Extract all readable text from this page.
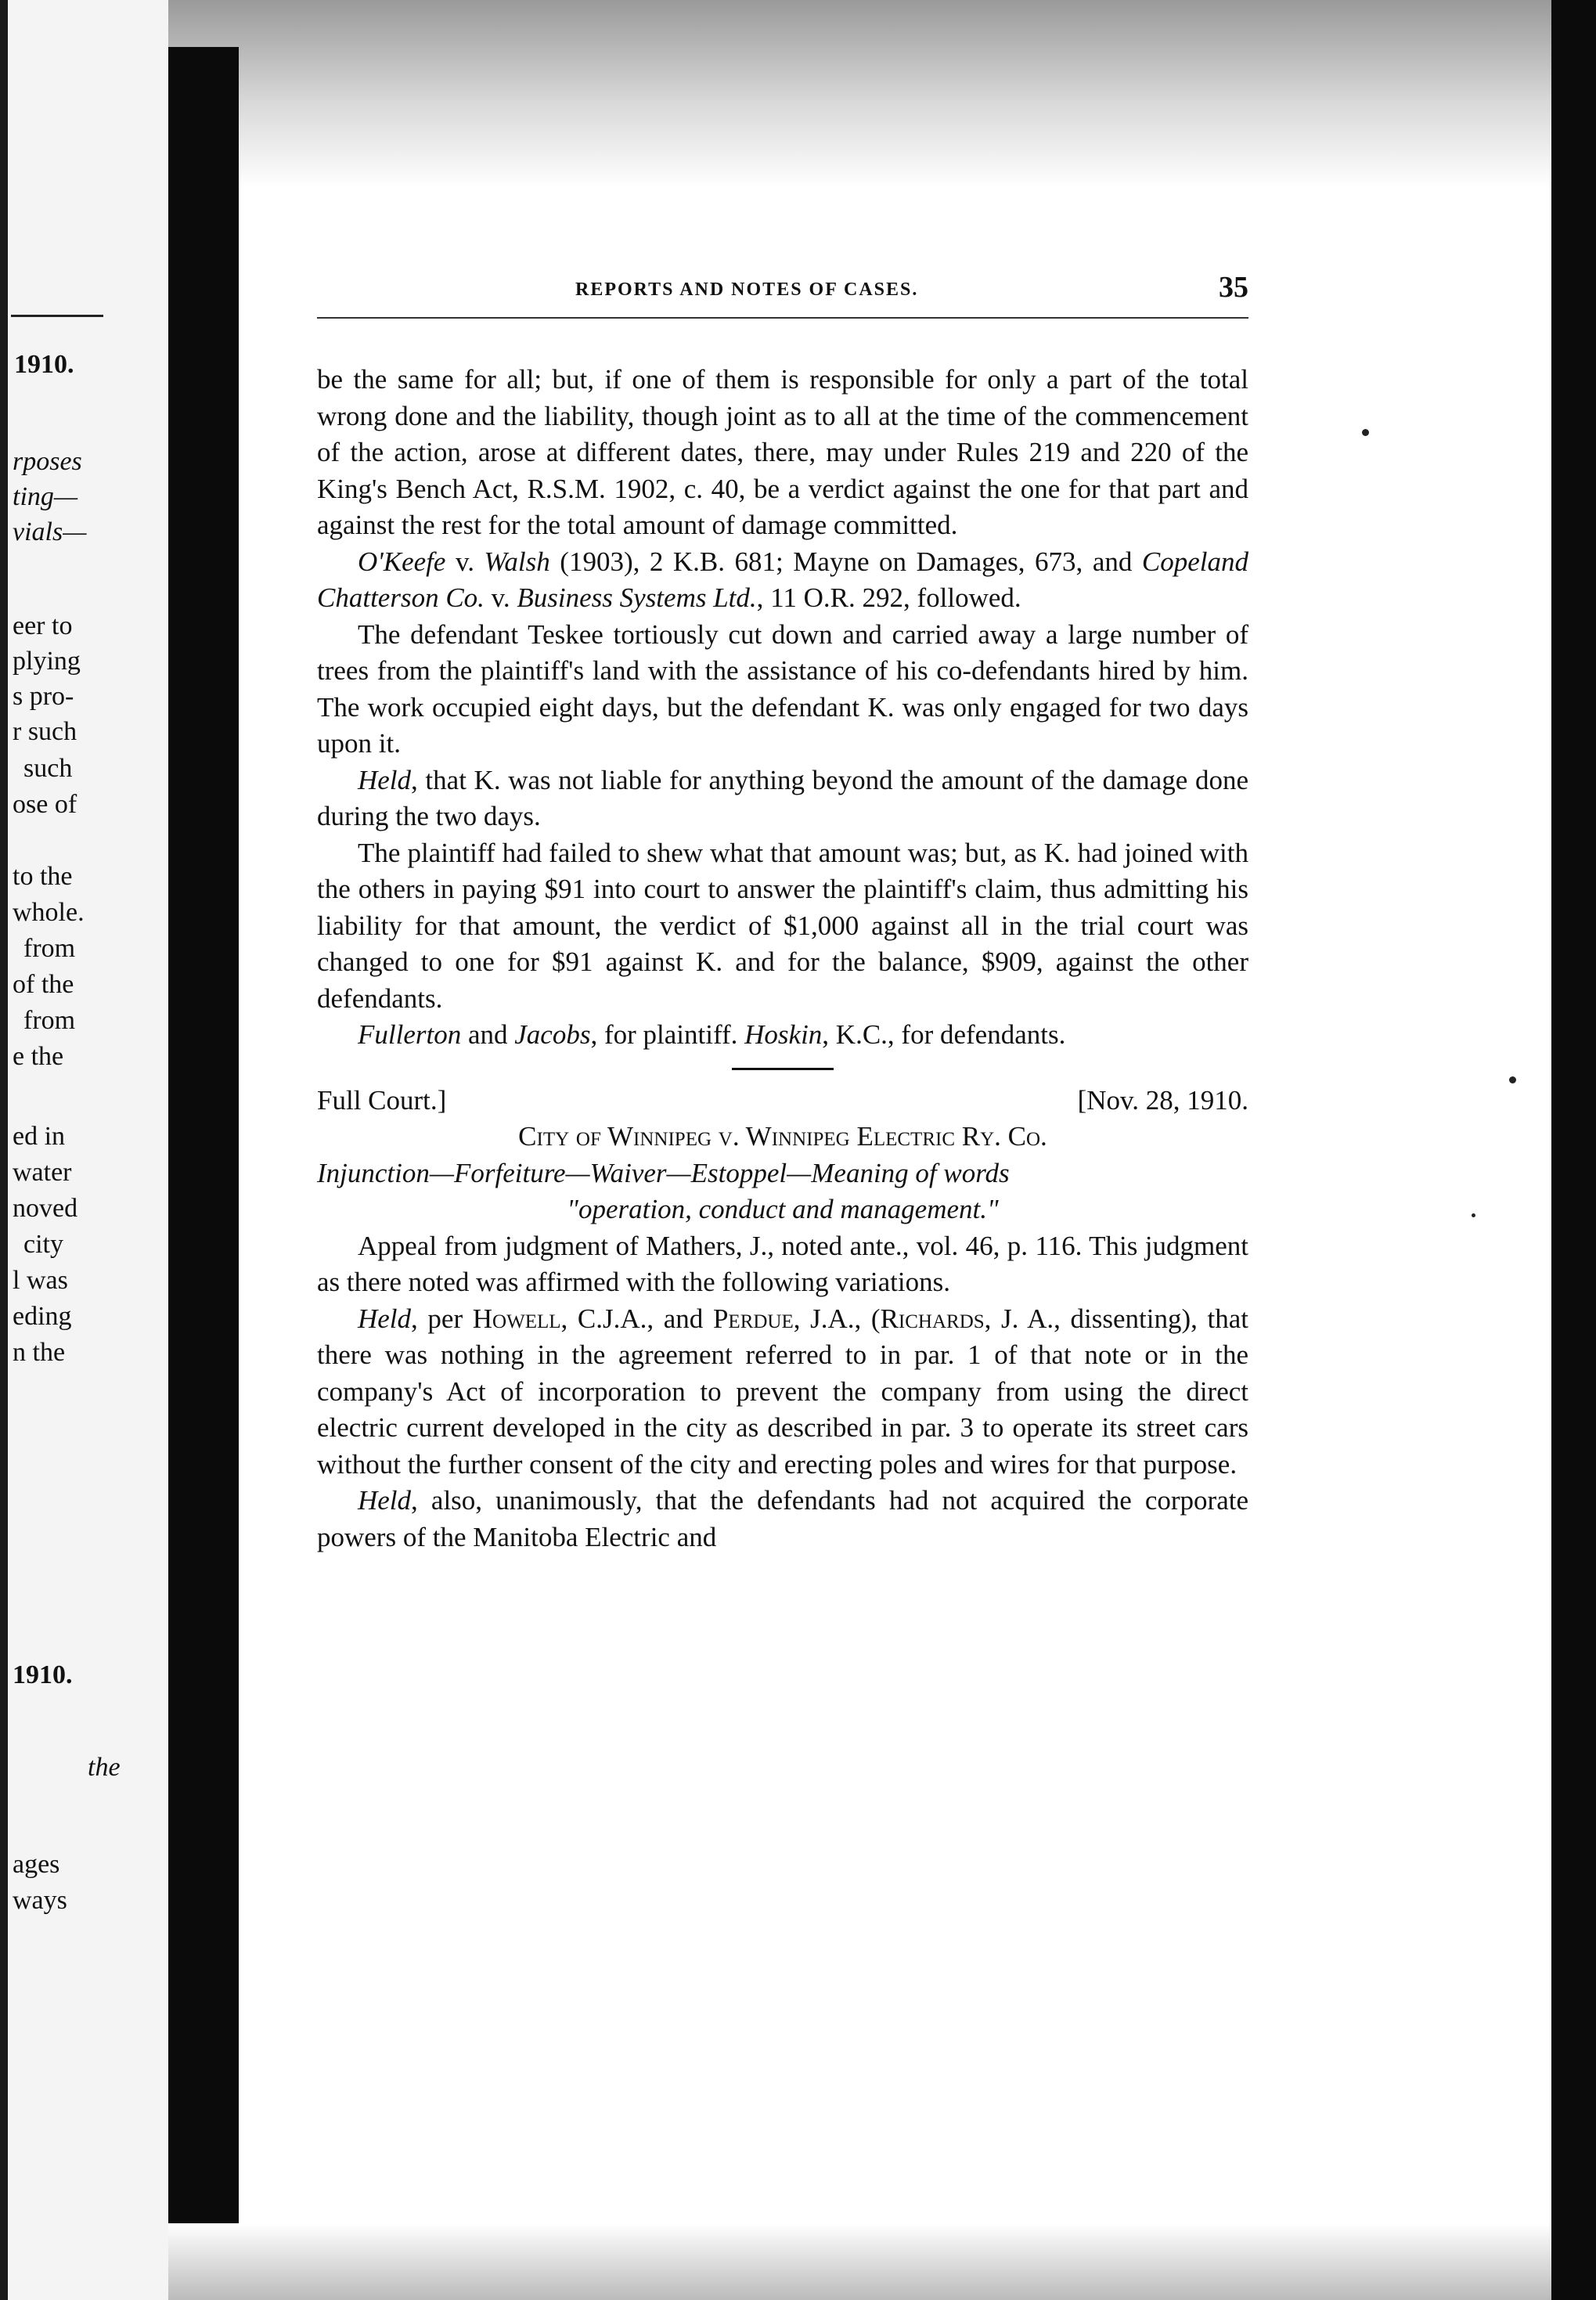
1910.
rposes
ting—
vials—
eer to
plying
s pro-
r such
such
ose of
to the
whole.
from
of the
from
e the
ed in
water
noved
city
l was
eding
n the
1910.
the
ages
ways
REPORTS AND NOTES OF CASES.	35

be the same for all; but, if one of them is responsible for only a part of the total wrong done and the liability, though joint as to all at the time of the commencement of the action, arose at different dates, there, may under Rules 219 and 220 of the King's Bench Act, R.S.M. 1902, c. 40, be a verdict against the one for that part and against the rest for the total amount of damage committed.

O'Keefe v. Walsh (1903), 2 K.B. 681; Mayne on Damages, 673, and Copeland Chatterson Co. v. Business Systems Ltd., 11 O.R. 292, followed.

The defendant Teskee tortiously cut down and carried away a large number of trees from the plaintiff's land with the assistance of his co-defendants hired by him. The work occupied eight days, but the defendant K. was only engaged for two days upon it.

Held, that K. was not liable for anything beyond the amount of the damage done during the two days.

The plaintiff had failed to shew what that amount was; but, as K. had joined with the others in paying $91 into court to answer the plaintiff's claim, thus admitting his liability for that amount, the verdict of $1,000 against all in the trial court was changed to one for $91 against K. and for the balance, $909, against the other defendants.

Fullerton and Jacobs, for plaintiff. Hoskin, K.C., for defendants.

Full Court.]	[Nov. 28, 1910.

City of Winnipeg v. Winnipeg Electric Ry. Co.

Injunction—Forfeiture—Waiver—Estoppel—Meaning of words

"operation, conduct and management."

Appeal from judgment of Mathers, J., noted ante., vol. 46, p. 116. This judgment as there noted was affirmed with the following variations.

Held, per Howell, C.J.A., and Perdue, J.A., (Richards, J. A., dissenting), that there was nothing in the agreement referred to in par. 1 of that note or in the company's Act of incorporation to prevent the company from using the direct electric current developed in the city as described in par. 3 to operate its street cars without the further consent of the city and erecting poles and wires for that purpose.

Held, also, unanimously, that the defendants had not acquired the corporate powers of the Manitoba Electric and
